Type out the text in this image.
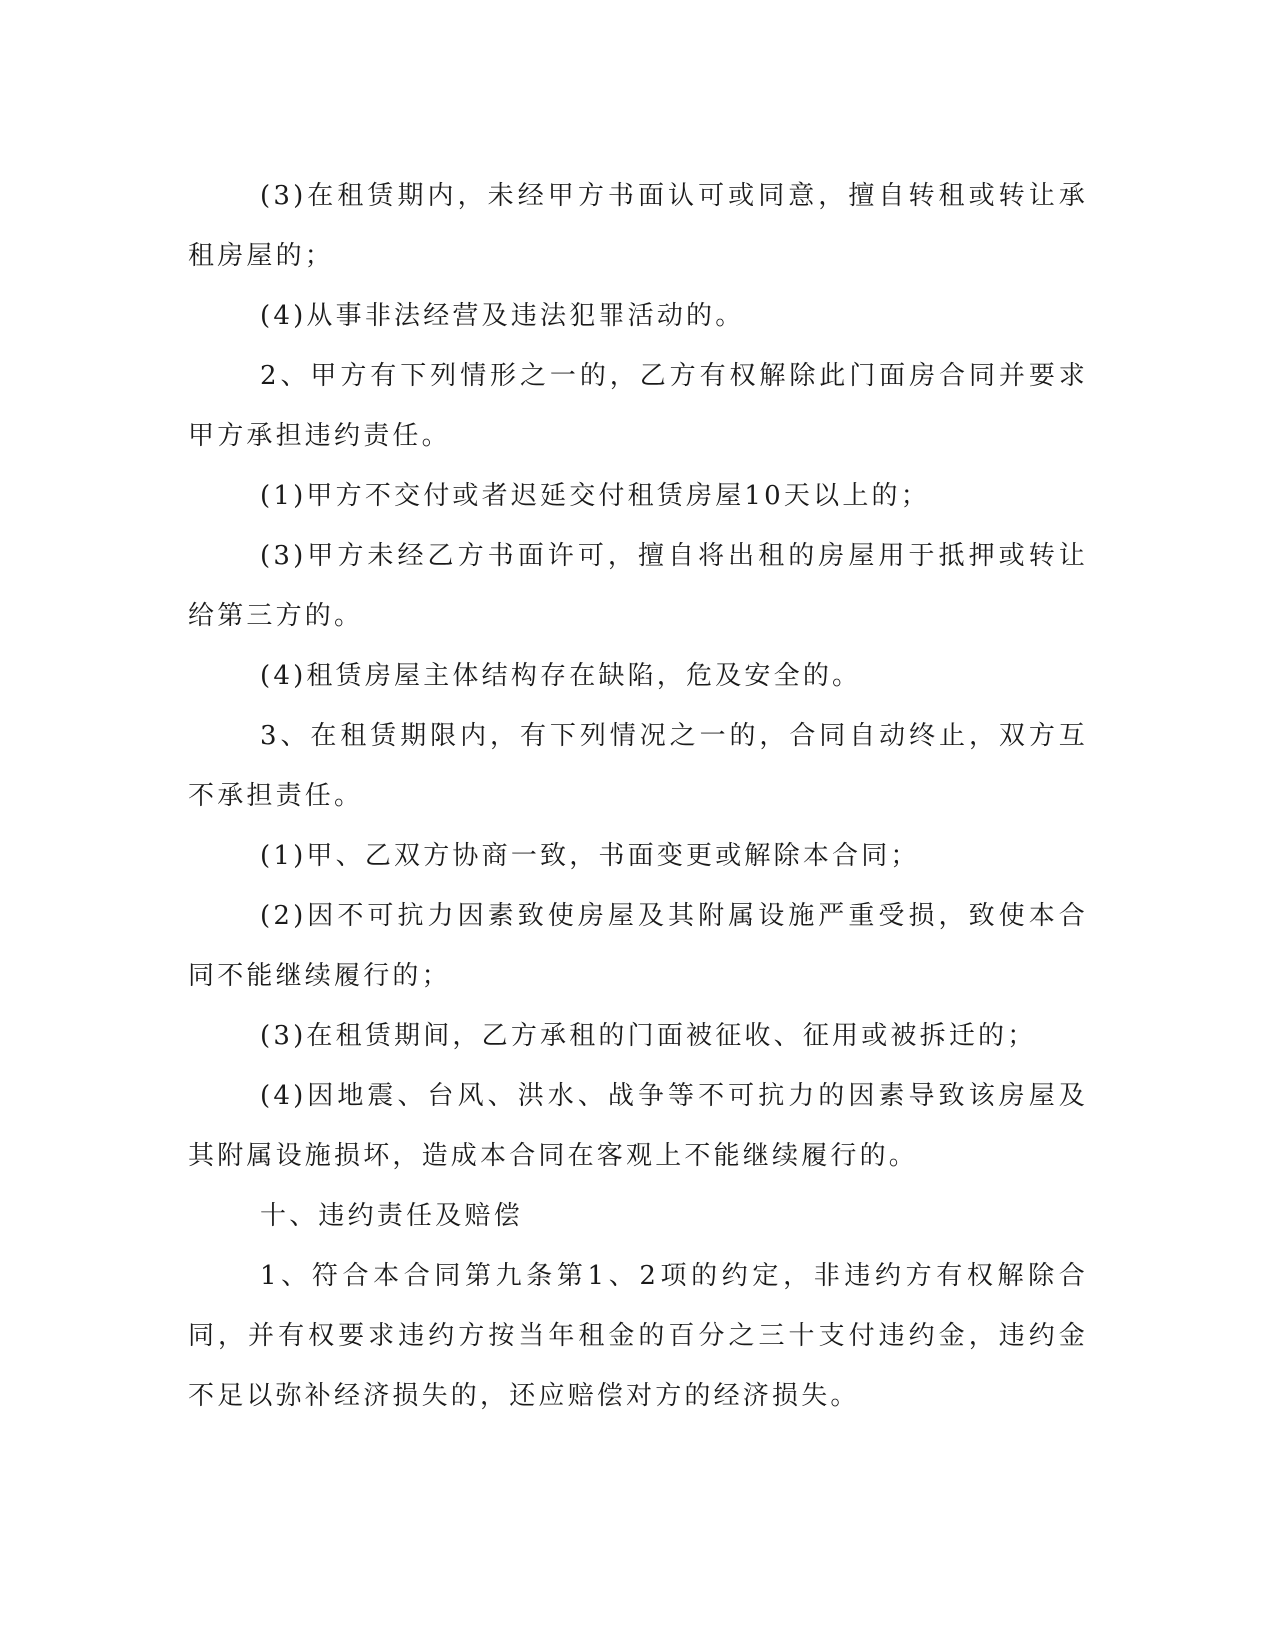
(3)在租赁期内，未经甲方书面认可或同意，擅自转租或转让承租房屋的；

(4)从事非法经营及违法犯罪活动的。

2、甲方有下列情形之一的，乙方有权解除此门面房合同并要求甲方承担违约责任。

(1)甲方不交付或者迟延交付租赁房屋10天以上的；

(3)甲方未经乙方书面许可，擅自将出租的房屋用于抵押或转让给第三方的。

(4)租赁房屋主体结构存在缺陷，危及安全的。

3、在租赁期限内，有下列情况之一的，合同自动终止，双方互不承担责任。

(1)甲、乙双方协商一致，书面变更或解除本合同；

(2)因不可抗力因素致使房屋及其附属设施严重受损，致使本合同不能继续履行的；

(3)在租赁期间，乙方承租的门面被征收、征用或被拆迁的；

(4)因地震、台风、洪水、战争等不可抗力的因素导致该房屋及其附属设施损坏，造成本合同在客观上不能继续履行的。

十、违约责任及赔偿

1、符合本合同第九条第1、2项的约定，非违约方有权解除合同，并有权要求违约方按当年租金的百分之三十支付违约金，违约金不足以弥补经济损失的，还应赔偿对方的经济损失。
